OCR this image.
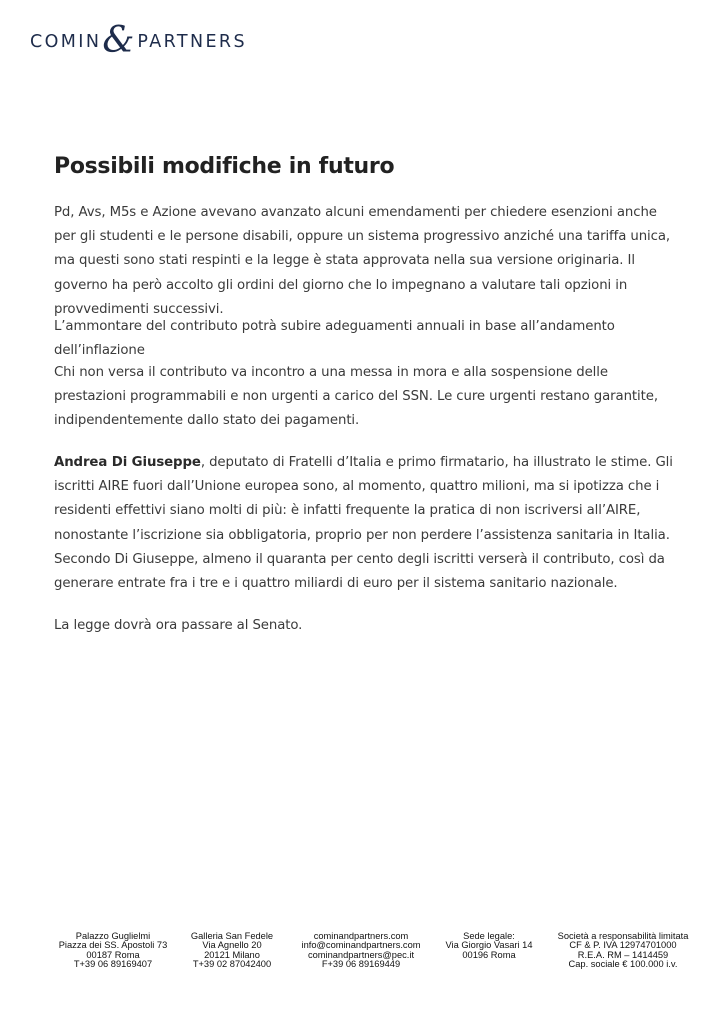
COMIN & PARTNERS
Possibili modifiche in futuro

Pd, Avs, M5s e Azione avevano avanzato alcuni emendamenti per chiedere esenzioni anche per gli studenti e le persone disabili, oppure un sistema progressivo anziché una tariffa unica, ma questi sono stati respinti e la legge è stata approvata nella sua versione originaria. Il governo ha però accolto gli ordini del giorno che lo impegnano a valutare tali opzioni in provvedimenti successivi.

L’ammontare del contributo potrà subire adeguamenti annuali in base all’andamento dell’inflazione

Chi non versa il contributo va incontro a una messa in mora e alla sospensione delle prestazioni programmabili e non urgenti a carico del SSN. Le cure urgenti restano garantite, indipendentemente dallo stato dei pagamenti.

Andrea Di Giuseppe, deputato di Fratelli d’Italia e primo firmatario, ha illustrato le stime. Gli iscritti AIRE fuori dall’Unione europea sono, al momento, quattro milioni, ma si ipotizza che i residenti effettivi siano molti di più: è infatti frequente la pratica di non iscriversi all’AIRE, nonostante l’iscrizione sia obbligatoria, proprio per non perdere l’assistenza sanitaria in Italia. Secondo Di Giuseppe, almeno il quaranta per cento degli iscritti verserà il contributo, così da generare entrate fra i tre e i quattro miliardi di euro per il sistema sanitario nazionale.

La legge dovrà ora passare al Senato.

Palazzo Guglielmi
Piazza dei SS. Apostoli 73
00187 Roma
T+39 06 89169407
Galleria San Fedele
Via Agnello 20
20121 Milano
T+39 02 87042400
cominandpartners.com
info@cominandpartners.com
cominandpartners@pec.it
F+39 06 89169449
Sede legale:
Via Giorgio Vasari 14
00196 Roma
Società a responsabilità limitata
CF & P. IVA 12974701000
R.E.A. RM – 1414459
Cap. sociale € 100.000 i.v.
